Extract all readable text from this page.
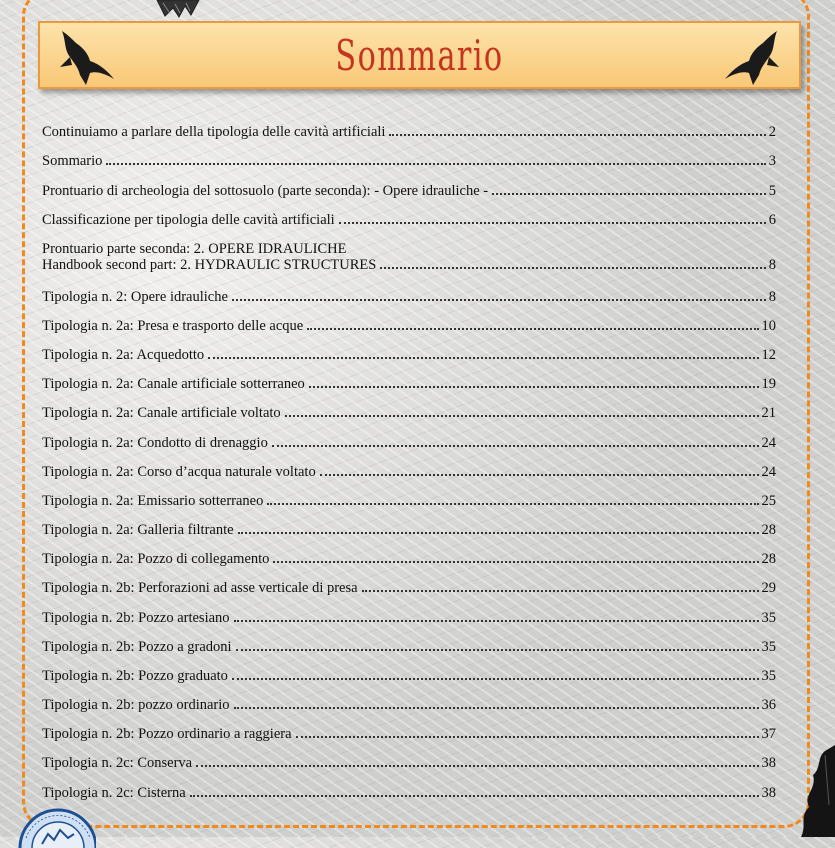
Sommario
Continuiamo a parlare della tipologia delle cavità artificiali	2
Sommario	3
Prontuario di archeologia del sottosuolo (parte seconda): - Opere idrauliche -	5
Classificazione per tipologia delle cavità artificiali	6
Prontuario parte seconda: 2. OPERE IDRAULICHE
Handbook second part: 2. HYDRAULIC STRUCTURES	8
Tipologia n. 2: Opere idrauliche	8
Tipologia n. 2a: Presa e trasporto delle acque	10
Tipologia n. 2a: Acquedotto	12
Tipologia n. 2a: Canale artificiale sotterraneo	19
Tipologia n. 2a: Canale artificiale voltato	21
Tipologia n. 2a: Condotto di drenaggio	24
Tipologia n. 2a: Corso d’acqua naturale voltato	24
Tipologia n. 2a: Emissario sotterraneo	25
Tipologia n. 2a: Galleria filtrante	28
Tipologia n. 2a: Pozzo di collegamento	28
Tipologia n. 2b: Perforazioni ad asse verticale di presa	29
Tipologia n. 2b: Pozzo artesiano	35
Tipologia n. 2b: Pozzo a gradoni	35
Tipologia n. 2b: Pozzo graduato	35
Tipologia n. 2b: pozzo ordinario	36
Tipologia n. 2b: Pozzo ordinario a raggiera	37
Tipologia n. 2c: Conserva	38
Tipologia n. 2c: Cisterna	38
